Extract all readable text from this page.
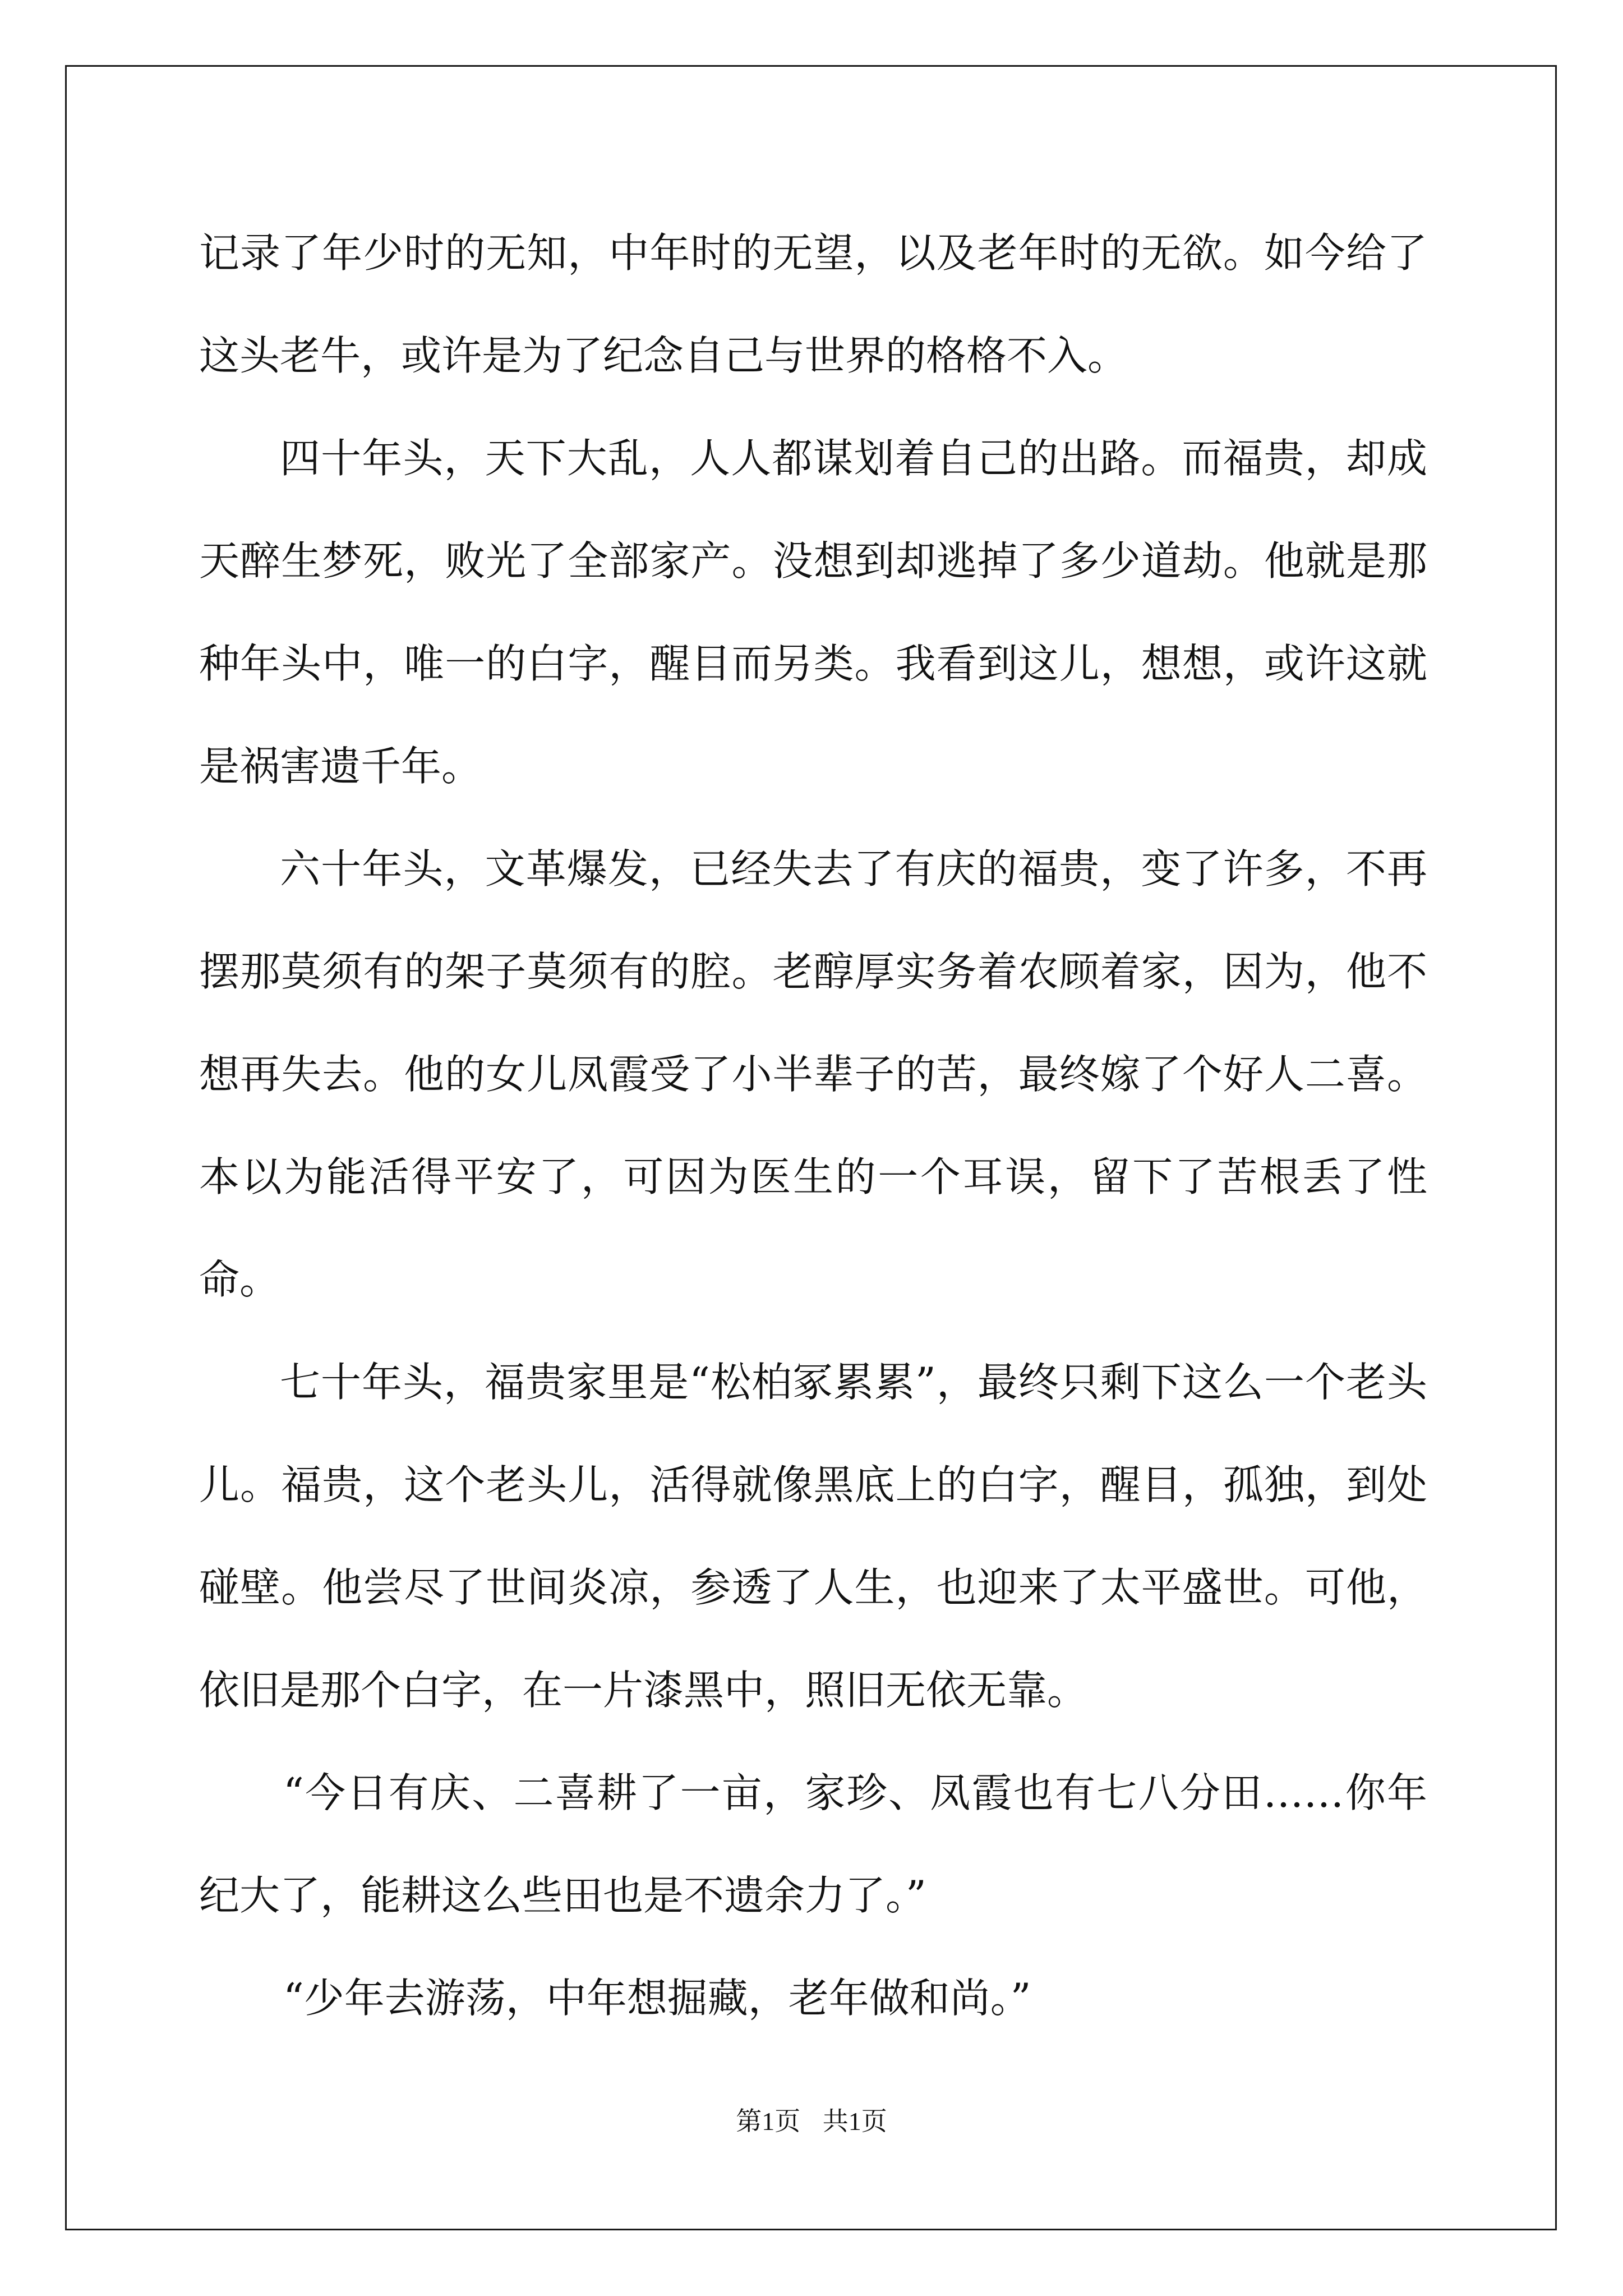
记录了年少时的无知，中年时的无望，以及老年时的无欲。如今给了这头老牛，或许是为了纪念自己与世界的格格不入。

四十年头，天下大乱，人人都谋划着自己的出路。而福贵，却成天醉生梦死，败光了全部家产。没想到却逃掉了多少道劫。他就是那种年头中，唯一的白字，醒目而另类。我看到这儿，想想，或许这就是祸害遗千年。

六十年头，文革爆发，已经失去了有庆的福贵，变了许多，不再摆那莫须有的架子莫须有的腔。老醇厚实务着农顾着家，因为，他不想再失去。他的女儿凤霞受了小半辈子的苦，最终嫁了个好人二喜。本以为能活得平安了，可因为医生的一个耳误，留下了苦根丢了性命。

七十年头，福贵家里是“松柏冢累累”，最终只剩下这么一个老头儿。福贵，这个老头儿，活得就像黑底上的白字，醒目，孤独，到处碰壁。他尝尽了世间炎凉，参透了人生，也迎来了太平盛世。可他，依旧是那个白字，在一片漆黑中，照旧无依无靠。

“今日有庆、二喜耕了一亩，家珍、凤霞也有七八分田……你年纪大了，能耕这么些田也是不遗余力了。”

“少年去游荡，中年想掘藏，老年做和尚。”

第1页 共1页
